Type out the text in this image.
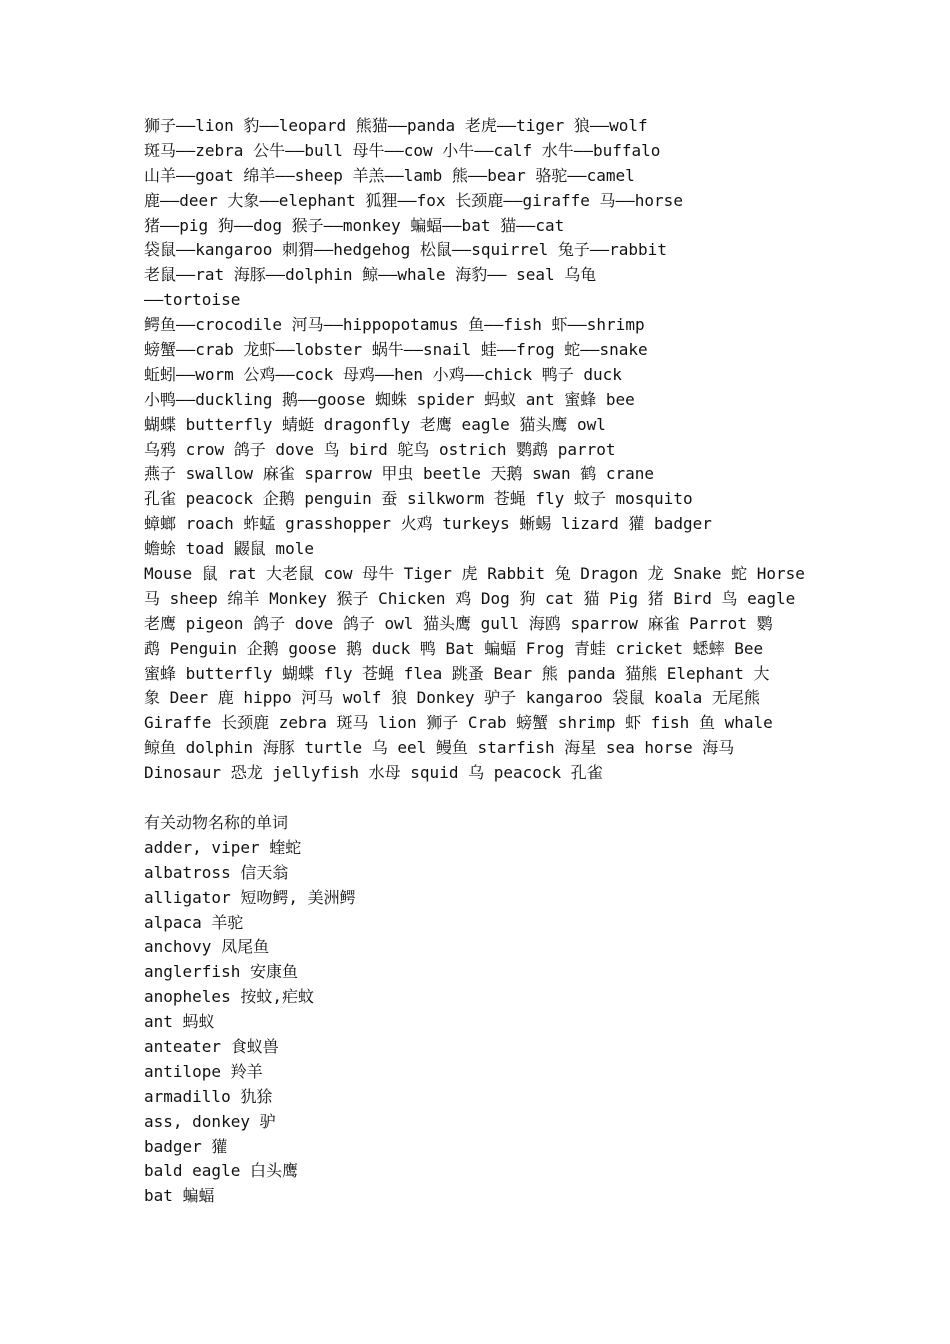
狮子——lion 豹——leopard 熊猫——panda 老虎——tiger 狼——wolf
斑马——zebra 公牛——bull 母牛——cow 小牛——calf 水牛——buffalo
山羊——goat 绵羊——sheep 羊羔——lamb 熊——bear 骆驼——camel
鹿——deer 大象——elephant 狐狸——fox 长颈鹿——giraffe 马——horse
猪——pig 狗——dog 猴子——monkey 蝙蝠——bat 猫——cat
袋鼠——kangaroo 刺猬——hedgehog 松鼠——squirrel 兔子——rabbit
老鼠——rat 海豚——dolphin 鲸——whale 海豹—— seal 乌龟
——tortoise
鳄鱼——crocodile 河马——hippopotamus 鱼——fish 虾——shrimp
螃蟹——crab 龙虾——lobster 蜗牛——snail 蛙——frog 蛇——snake
蚯蚓——worm 公鸡——cock 母鸡——hen 小鸡——chick 鸭子 duck
小鸭——duckling 鹅——goose 蜘蛛 spider 蚂蚁 ant 蜜蜂 bee
蝴蝶 butterfly 蜻蜓 dragonfly 老鹰 eagle 猫头鹰 owl
乌鸦 crow 鸽子 dove 鸟 bird 鸵鸟 ostrich 鹦鹉 parrot
燕子 swallow 麻雀 sparrow 甲虫 beetle 天鹅 swan 鹤 crane
孔雀 peacock 企鹅 penguin 蚕 silkworm 苍蝇 fly 蚊子 mosquito
蟑螂 roach 蚱蜢 grasshopper 火鸡 turkeys 蜥蜴 lizard 獾 badger
蟾蜍 toad 鼹鼠 mole
Mouse 鼠 rat 大老鼠 cow 母牛 Tiger 虎 Rabbit 兔 Dragon 龙 Snake 蛇 Horse
马 sheep 绵羊 Monkey 猴子 Chicken 鸡 Dog 狗 cat 猫 Pig 猪 Bird 鸟 eagle
老鹰 pigeon 鸽子 dove 鸽子 owl 猫头鹰 gull 海鸥 sparrow 麻雀 Parrot 鹦
鹉 Penguin 企鹅 goose 鹅 duck 鸭 Bat 蝙蝠 Frog 青蛙 cricket 蟋蟀 Bee
蜜蜂 butterfly 蝴蝶 fly 苍蝇 flea 跳蚤 Bear 熊 panda 猫熊 Elephant 大
象 Deer 鹿 hippo 河马 wolf 狼 Donkey 驴子 kangaroo 袋鼠 koala 无尾熊
Giraffe 长颈鹿 zebra 斑马 lion 狮子 Crab 螃蟹 shrimp 虾 fish 鱼 whale
鲸鱼 dolphin 海豚 turtle 乌 eel 鳗鱼 starfish 海星 sea horse 海马
Dinosaur 恐龙 jellyfish 水母 squid 乌 peacock 孔雀
有关动物名称的单词
adder, viper 蝰蛇
albatross 信天翁
alligator 短吻鳄, 美洲鳄
alpaca 羊驼
anchovy 凤尾鱼
anglerfish 安康鱼
anopheles 按蚊,疟蚊
ant 蚂蚁
anteater 食蚁兽
antilope 羚羊
armadillo 犰狳
ass, donkey 驴
badger 獾
bald eagle 白头鹰
bat 蝙蝠
